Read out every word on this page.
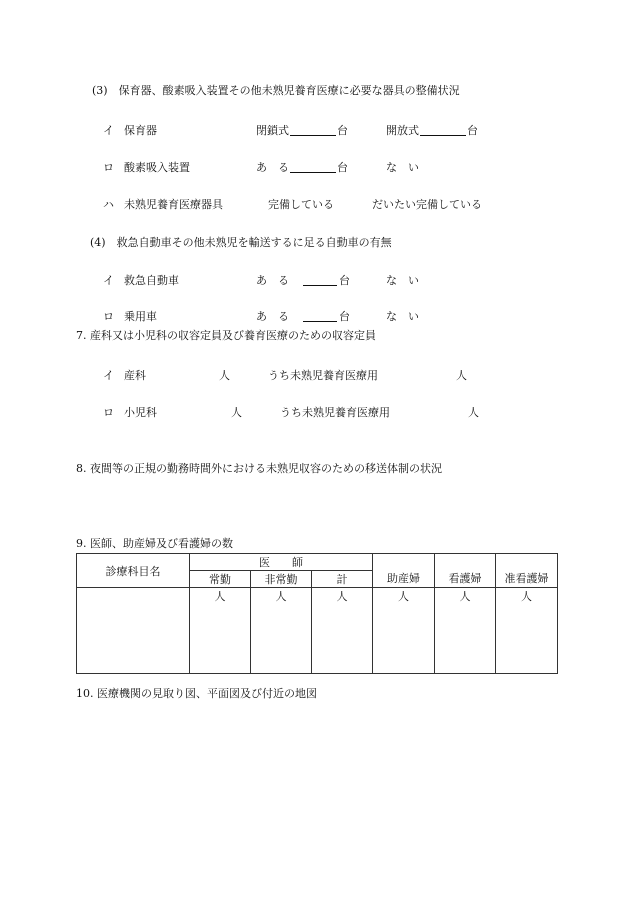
(3)　保育器、酸素吸入装置その他未熟児養育医療に必要な器具の整備状況
イ 保育器	閉鎖式	台	開放式	台
ロ 酸素吸入装置	あ　る	台	な　い
ハ 未熟児養育医療器具	完備している	だいたい完備している
(4)　救急自動車その他未熟児を輸送するに足る自動車の有無
イ 救急自動車	あ　る	台	な　い
ロ 乗用車	あ　る	台	な　い
7. 産科又は小児科の収容定員及び養育医療のための収容定員
イ 産科	人	うち未熟児養育医療用	人
ロ 小児科	人	うち未熟児養育医療用	人
8. 夜間等の正規の勤務時間外における未熟児収容のための移送体制の状況
9. 医師、助産婦及び看護婦の数
診療科目名	医　　師			助産婦	看護婦	准看護婦
	常勤	非常勤	計			
	人	人	人	人	人	人
10. 医療機関の見取り図、平面図及び付近の地図
